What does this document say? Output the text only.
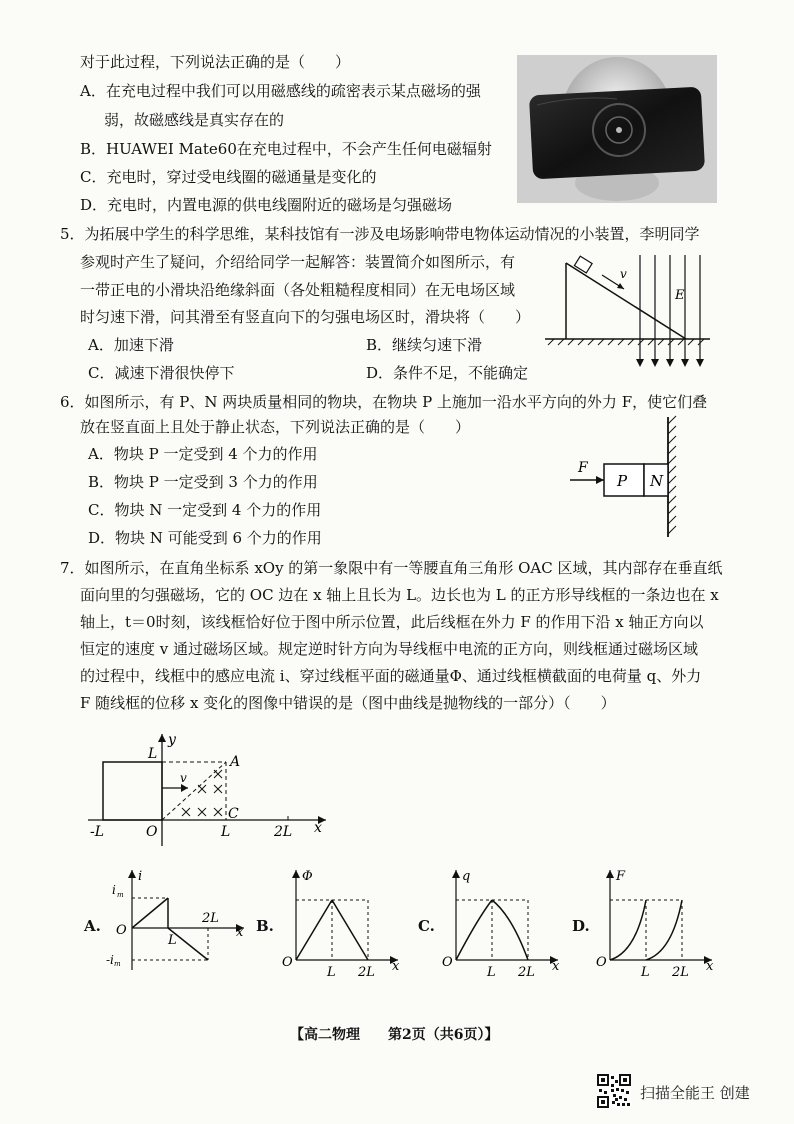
对于此过程，下列说法正确的是（　　）
A．在充电过程中我们可以用磁感线的疏密表示某点磁场的强
弱，故磁感线是真实存在的
B．HUAWEI Mate60在充电过程中，不会产生任何电磁辐射
C．充电时，穿过受电线圈的磁通量是变化的
D．充电时，内置电源的供电线圈附近的磁场是匀强磁场
5．为拓展中学生的科学思维，某科技馆有一涉及电场影响带电物体运动情况的小装置，李明同学
参观时产生了疑问，介绍给同学一起解答：装置简介如图所示，有
一带正电的小滑块沿绝缘斜面（各处粗糙程度相同）在无电场区域
时匀速下滑，问其滑至有竖直向下的匀强电场区时，滑块将（　　）
A．加速下滑	B．继续匀速下滑
C．减速下滑很快停下	D．条件不足，不能确定
v
E
6．如图所示，有 P、N 两块质量相同的物块，在物块 P 上施加一沿水平方向的外力 F，使它们叠
放在竖直面上且处于静止状态，下列说法正确的是（　　）
A．物块 P 一定受到 4 个力的作用
B．物块 P 一定受到 3 个力的作用
C．物块 N 一定受到 4 个力的作用
D．物块 N 可能受到 6 个力的作用
P N
F
7．如图所示，在直角坐标系 xOy 的第一象限中有一等腰直角三角形 OAC 区域，其内部存在垂直纸
面向里的匀强磁场，它的 OC 边在 x 轴上且长为 L。边长也为 L 的正方形导线框的一条边也在 x
轴上，t＝0时刻，该线框恰好位于图中所示位置，此后线框在外力 F 的作用下沿 x 轴正方向以
恒定的速度 v 通过磁场区域。规定逆时针方向为导线框中电流的正方向，则线框通过磁场区域
的过程中，线框中的感应电流 i、穿过线框平面的磁通量Φ、通过线框横截面的电荷量 q、外力
F 随线框的位移 x 变化的图像中错误的是（图中曲线是抛物线的一部分）（　　）
v
L
y
A
C
-L	O	L	2L x
A.
i
i m
-i m
O
L
2L
x B.
Φ
O
L 2L x
C.
q
O
L 2L x
D.
F
O
L 2L x
【高二物理　　第2页（共6页）】
扫描全能王 创建
